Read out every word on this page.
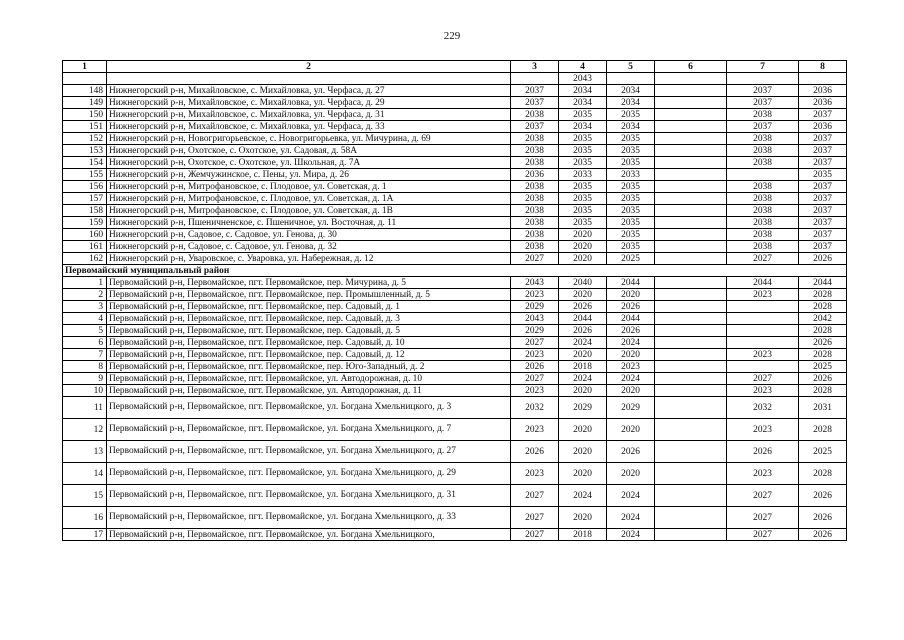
229
1	2	3	4	5	6	7	8
			2043				
148	Нижнегорский р-н, Михайловское, с. Михайловка, ул. Черфаса, д. 27	2037	2034	2034		2037	2036
149	Нижнегорский р-н, Михайловское, с. Михайловка, ул. Черфаса, д. 29	2037	2034	2034		2037	2036
150	Нижнегорский р-н, Михайловское, с. Михайловка, ул. Черфаса, д. 31	2038	2035	2035		2038	2037
151	Нижнегорский р-н, Михайловское, с. Михайловка, ул. Черфаса, д. 33	2037	2034	2034		2037	2036
152	Нижнегорский р-н, Новогригорьевское, с. Новогригорьевка, ул. Мичурина, д. 69	2038	2035	2035		2038	2037
153	Нижнегорский р-н, Охотское, с. Охотское, ул. Садовая, д. 58А	2038	2035	2035		2038	2037
154	Нижнегорский р-н, Охотское, с. Охотское, ул. Школьная, д. 7А	2038	2035	2035		2038	2037
155	Нижнегорский р-н, Жемчужинское, с. Пены, ул. Мира, д. 26	2036	2033	2033			2035
156	Нижнегорский р-н, Митрофановское, с. Плодовое, ул. Советская, д. 1	2038	2035	2035		2038	2037
157	Нижнегорский р-н, Митрофановское, с. Плодовое, ул. Советская, д. 1А	2038	2035	2035		2038	2037
158	Нижнегорский р-н, Митрофановское, с. Плодовое, ул. Советская, д. 1В	2038	2035	2035		2038	2037
159	Нижнегорский р-н, Пшеничненское, с. Пшеничное, ул. Восточная, д. 11	2038	2035	2035		2038	2037
160	Нижнегорский р-н, Садовое, с. Садовое, ул. Генова, д. 30	2038	2020	2035		2038	2037
161	Нижнегорский р-н, Садовое, с. Садовое, ул. Генова, д. 32	2038	2020	2035		2038	2037
162	Нижнегорский р-н, Уваровское, с. Уваровка, ул. Набережная, д. 12	2027	2020	2025		2027	2026
Первомайский муниципальный район							
1	Первомайский р-н, Первомайское, пгт. Первомайское, пер. Мичурина, д. 5	2043	2040	2044		2044	2044
2	Первомайский р-н, Первомайское, пгт. Первомайское, пер. Промышленный, д. 5	2023	2020	2020		2023	2028
3	Первомайский р-н, Первомайское, пгт. Первомайское, пер. Садовый, д. 1	2029	2026	2026			2028
4	Первомайский р-н, Первомайское, пгт. Первомайское, пер. Садовый, д. 3	2043	2044	2044			2042
5	Первомайский р-н, Первомайское, пгт. Первомайское, пер. Садовый, д. 5	2029	2026	2026			2028
6	Первомайский р-н, Первомайское, пгт. Первомайское, пер. Садовый, д. 10	2027	2024	2024			2026
7	Первомайский р-н, Первомайское, пгт. Первомайское, пер. Садовый, д. 12	2023	2020	2020		2023	2028
8	Первомайский р-н, Первомайское, пгт. Первомайское, пер. Юго-Западный, д. 2	2026	2018	2023			2025
9	Первомайский р-н, Первомайское, пгт. Первомайское, ул. Автодорожная, д. 10	2027	2024	2024		2027	2026
10	Первомайский р-н, Первомайское, пгт. Первомайское, ул. Автодорожная, д. 11	2023	2020	2020		2023	2028
11	Первомайский р-н, Первомайское, пгт. Первомайское, ул. Богдана Хмельницкого, д. 3	2032	2029	2029		2032	2031
12	Первомайский р-н, Первомайское, пгт. Первомайское, ул. Богдана Хмельницкого, д. 7	2023	2020	2020		2023	2028
13	Первомайский р-н, Первомайское, пгт. Первомайское, ул. Богдана Хмельницкого, д. 27	2026	2020	2026		2026	2025
14	Первомайский р-н, Первомайское, пгт. Первомайское, ул. Богдана Хмельницкого, д. 29	2023	2020	2020		2023	2028
15	Первомайский р-н, Первомайское, пгт. Первомайское, ул. Богдана Хмельницкого, д. 31	2027	2024	2024		2027	2026
16	Первомайский р-н, Первомайское, пгт. Первомайское, ул. Богдана Хмельницкого, д. 33	2027	2020	2024		2027	2026
17	Первомайский р-н, Первомайское, пгт. Первомайское, ул. Богдана Хмельницкого,	2027	2018	2024		2027	2026
